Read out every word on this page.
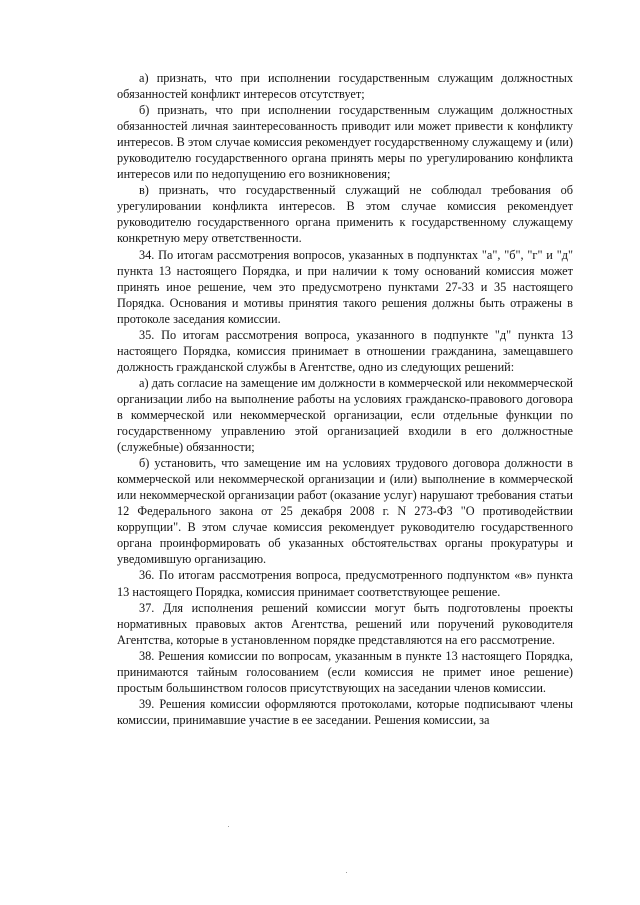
а) признать, что при исполнении государственным служащим должностных обязанностей конфликт интересов отсутствует;

б) признать, что при исполнении государственным служащим должностных обязанностей личная заинтересованность приводит или может привести к конфликту интересов. В этом случае комиссия рекомендует государственному служащему и (или) руководителю государственного органа принять меры по урегулированию конфликта интересов или по недопущению его возникновения;

в) признать, что государственный служащий не соблюдал требования об урегулировании конфликта интересов. В этом случае комиссия рекомендует руководителю государственного органа применить к государственному служащему конкретную меру ответственности.

34. По итогам рассмотрения вопросов, указанных в подпунктах "а", "б", "г" и "д" пункта 13 настоящего Порядка, и при наличии к тому оснований комиссия может принять иное решение, чем это предусмотрено пунктами 27-33 и 35 настоящего Порядка. Основания и мотивы принятия такого решения должны быть отражены в протоколе заседания комиссии.

35. По итогам рассмотрения вопроса, указанного в подпункте "д" пункта 13 настоящего Порядка, комиссия принимает в отношении гражданина, замещавшего должность гражданской службы в Агентстве, одно из следующих решений:

а) дать согласие на замещение им должности в коммерческой или некоммерческой организации либо на выполнение работы на условиях гражданско-правового договора в коммерческой или некоммерческой организации, если отдельные функции по государственному управлению этой организацией входили в его должностные (служебные) обязанности;

б) установить, что замещение им на условиях трудового договора должности в коммерческой или некоммерческой организации и (или) выполнение в коммерческой или некоммерческой организации работ (оказание услуг) нарушают требования статьи 12 Федерального закона от 25 декабря 2008 г. N 273-ФЗ "О противодействии коррупции". В этом случае комиссия рекомендует руководителю государственного органа проинформировать об указанных обстоятельствах органы прокуратуры и уведомившую организацию.

36. По итогам рассмотрения вопроса, предусмотренного подпунктом «в» пункта 13 настоящего Порядка, комиссия принимает соответствующее решение.

37. Для исполнения решений комиссии могут быть подготовлены проекты нормативных правовых актов Агентства, решений или поручений руководителя Агентства, которые в установленном порядке представляются на его рассмотрение.

38. Решения комиссии по вопросам, указанным в пункте 13 настоящего Порядка, принимаются тайным голосованием (если комиссия не примет иное решение) простым большинством голосов присутствующих на заседании членов комиссии.

39. Решения комиссии оформляются протоколами, которые подписывают члены комиссии, принимавшие участие в ее заседании. Решения комиссии, за
